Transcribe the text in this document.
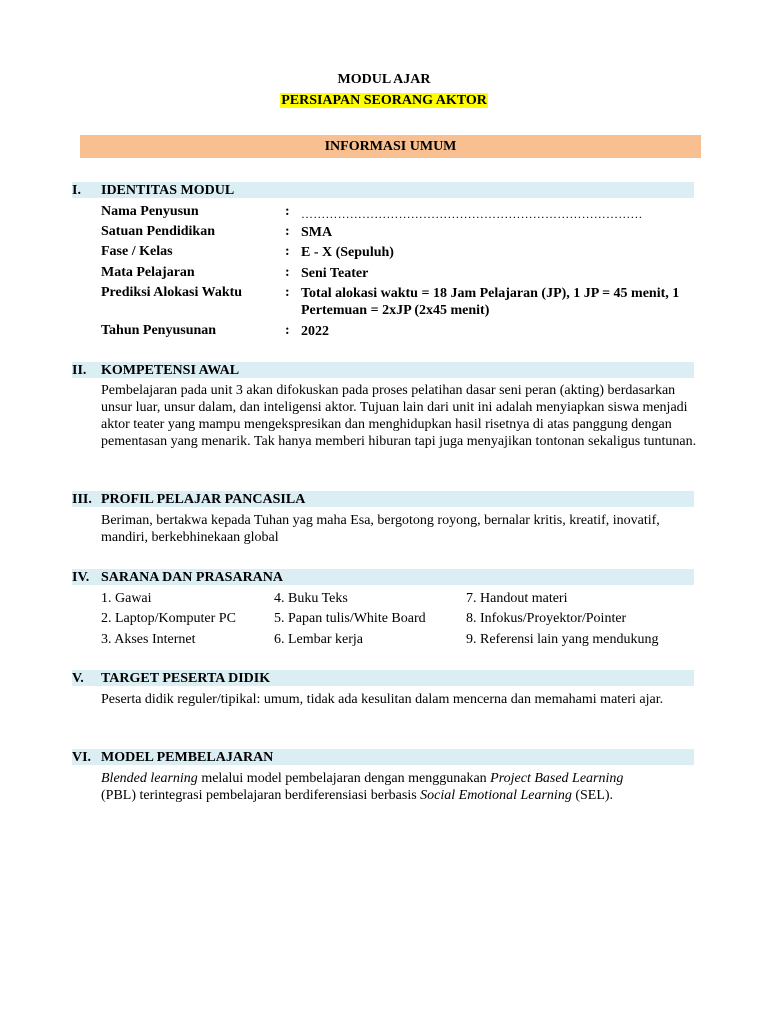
MODUL AJAR
PERSIAPAN SEORANG AKTOR
INFORMASI UMUM
I. IDENTITAS MODUL
Nama Penyusun	: …………………………………………………………………………
Satuan Pendidikan	: SMA
Fase / Kelas	: E - X (Sepuluh)
Mata Pelajaran	: Seni Teater
Prediksi Alokasi Waktu	: Total alokasi waktu = 18 Jam Pelajaran (JP), 1 JP = 45 menit, 1 Pertemuan = 2xJP (2x45 menit)
Tahun Penyusunan	: 2022
II. KOMPETENSI AWAL
Pembelajaran pada unit 3 akan difokuskan pada proses pelatihan dasar seni peran (akting) berdasarkan unsur luar, unsur dalam, dan inteligensi aktor. Tujuan lain dari unit ini adalah menyiapkan siswa menjadi aktor teater yang mampu mengekspresikan dan menghidupkan hasil risetnya di atas panggung dengan pementasan yang menarik. Tak hanya memberi hiburan tapi juga menyajikan tontonan sekaligus tuntunan.
III. PROFIL PELAJAR PANCASILA
Beriman, bertakwa kepada Tuhan yag maha Esa, bergotong royong, bernalar kritis, kreatif, inovatif, mandiri, berkebhinekaan global
IV. SARANA DAN PRASARANA
1. Gawai
2. Laptop/Komputer PC
3. Akses Internet
4. Buku Teks
5. Papan tulis/White Board
6. Lembar kerja
7. Handout materi
8. Infokus/Proyektor/Pointer
9. Referensi lain yang mendukung
V. TARGET PESERTA DIDIK
Peserta didik reguler/tipikal: umum, tidak ada kesulitan dalam mencerna dan memahami materi ajar.
VI. MODEL PEMBELAJARAN
Blended learning melalui model pembelajaran dengan menggunakan Project Based Learning
(PBL) terintegrasi pembelajaran berdiferensiasi berbasis Social Emotional Learning (SEL).
